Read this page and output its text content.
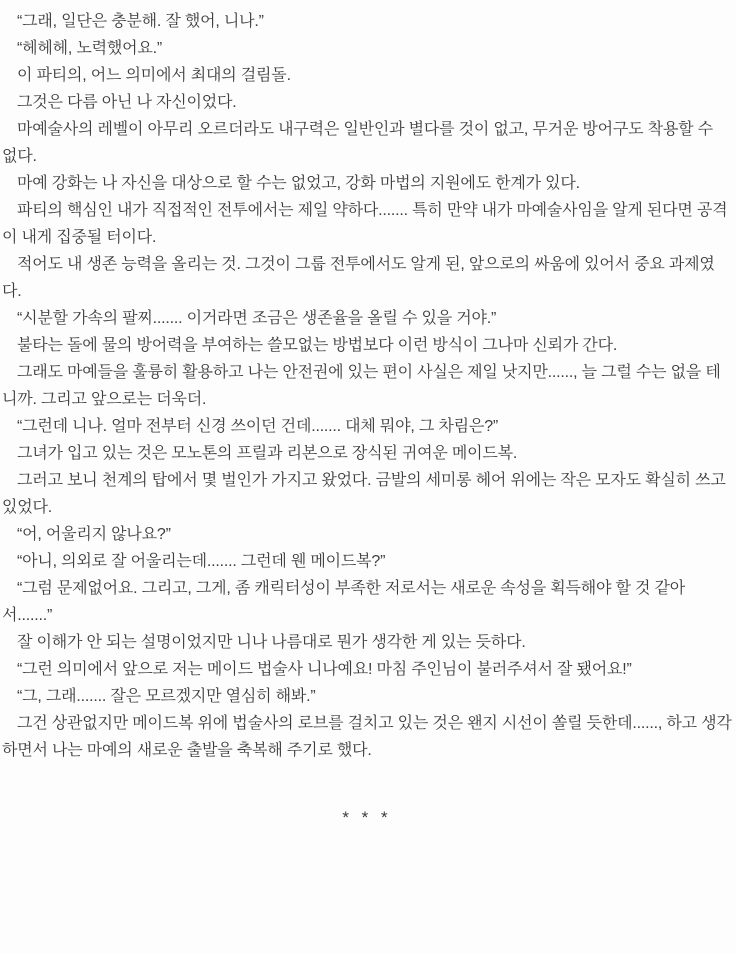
“그래, 일단은 충분해. 잘 했어, 니나.”

“헤헤헤, 노력했어요.”

이 파티의, 어느 의미에서 최대의 걸림돌.

그것은 다름 아닌 나 자신이었다.

마예술사의 레벨이 아무리 오르더라도 내구력은 일반인과 별다를 것이 없고, 무거운 방어구도 착용할 수 없다.

마예 강화는 나 자신을 대상으로 할 수는 없었고, 강화 마법의 지원에도 한계가 있다.

파티의 핵심인 내가 직접적인 전투에서는 제일 약하다....... 특히 만약 내가 마예술사임을 알게 된다면 공격이 내게 집중될 터이다.

적어도 내 생존 능력을 올리는 것. 그것이 그룹 전투에서도 알게 된, 앞으로의 싸움에 있어서 중요 과제였다.

“시분할 가속의 팔찌....... 이거라면 조금은 생존율을 올릴 수 있을 거야.”

불타는 돌에 물의 방어력을 부여하는 쓸모없는 방법보다 이런 방식이 그나마 신뢰가 간다.

그래도 마예들을 훌륭히 활용하고 나는 안전권에 있는 편이 사실은 제일 낫지만......, 늘 그럴 수는 없을 테니까. 그리고 앞으로는 더욱더.

“그런데 니나. 얼마 전부터 신경 쓰이던 건데....... 대체 뭐야, 그 차림은?”

그녀가 입고 있는 것은 모노톤의 프릴과 리본으로 장식된 귀여운 메이드복.

그러고 보니 천계의 탑에서 몇 벌인가 가지고 왔었다. 금발의 세미롱 헤어 위에는 작은 모자도 확실히 쓰고 있었다.

“어, 어울리지 않나요?”

“아니, 의외로 잘 어울리는데....... 그런데 웬 메이드복?”

“그럼 문제없어요. 그리고, 그게, 좀 캐릭터성이 부족한 저로서는 새로운 속성을 획득해야 할 것 같아서.......”

잘 이해가 안 되는 설명이었지만 니나 나름대로 뭔가 생각한 게 있는 듯하다.

“그런 의미에서 앞으로 저는 메이드 법술사 니나예요! 마침 주인님이 불러주셔서 잘 됐어요!”

“그, 그래....... 잘은 모르겠지만 열심히 해봐.”

그건 상관없지만 메이드복 위에 법술사의 로브를 걸치고 있는 것은 왠지 시선이 쏠릴 듯한데......, 하고 생각하면서 나는 마예의 새로운 출발을 축복해 주기로 했다.

* * *
